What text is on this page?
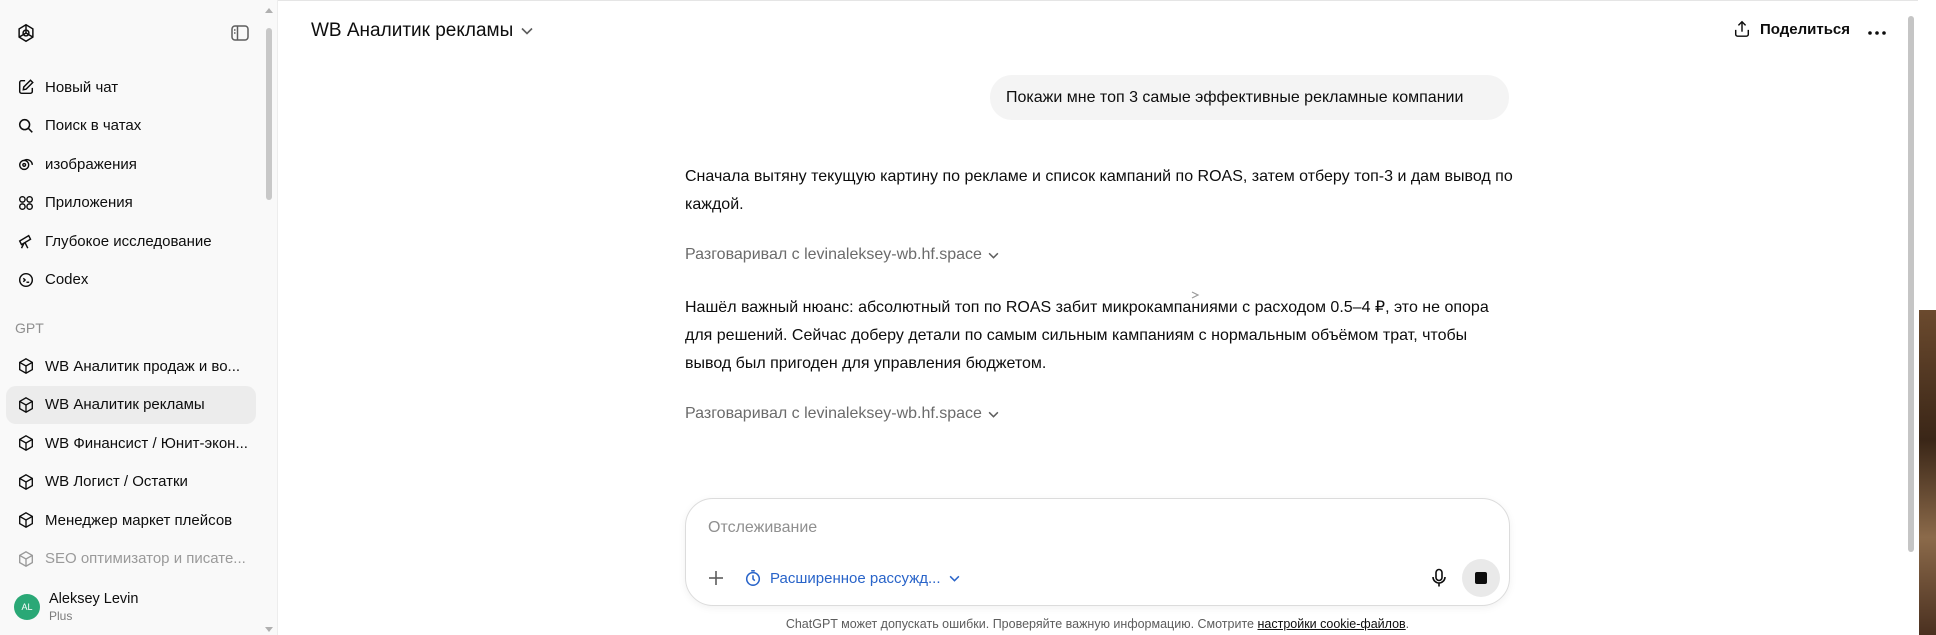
Новый чат
Поиск в чатах
изображения
Приложения
Глубокое исследование
Codex
GPT
WB Аналитик продаж и во...
WB Аналитик рекламы
WB Финансист / Юнит-экон...
WB Логист / Остатки
Менеджер маркет плейсов
SEO оптимизатор и писате...
AL	Aleksey Levin
Plus
WB Аналитик рекламы	Поделиться
Покажи мне топ 3 самые эффективные рекламные компании
Сначала вытяну текущую картину по рекламе и список кампаний по ROAS, затем отберу топ-3 и дам вывод по каждой.
Разговаривал с levinaleksey-wb.hf.space
Нашёл важный нюанс: абсолютный топ по ROAS забит микрокампаниями с расходом 0.5–4 ₽, это не опора для решений. Сейчас доберу детали по самым сильным кампаниям с нормальным объёмом трат, чтобы вывод был пригоден для управления бюджетом.
Разговаривал с levinaleksey-wb.hf.space
Отслеживание
Расширенное рассужд...
ChatGPT может допускать ошибки. Проверяйте важную информацию. Смотрите настройки cookie-файлов.
